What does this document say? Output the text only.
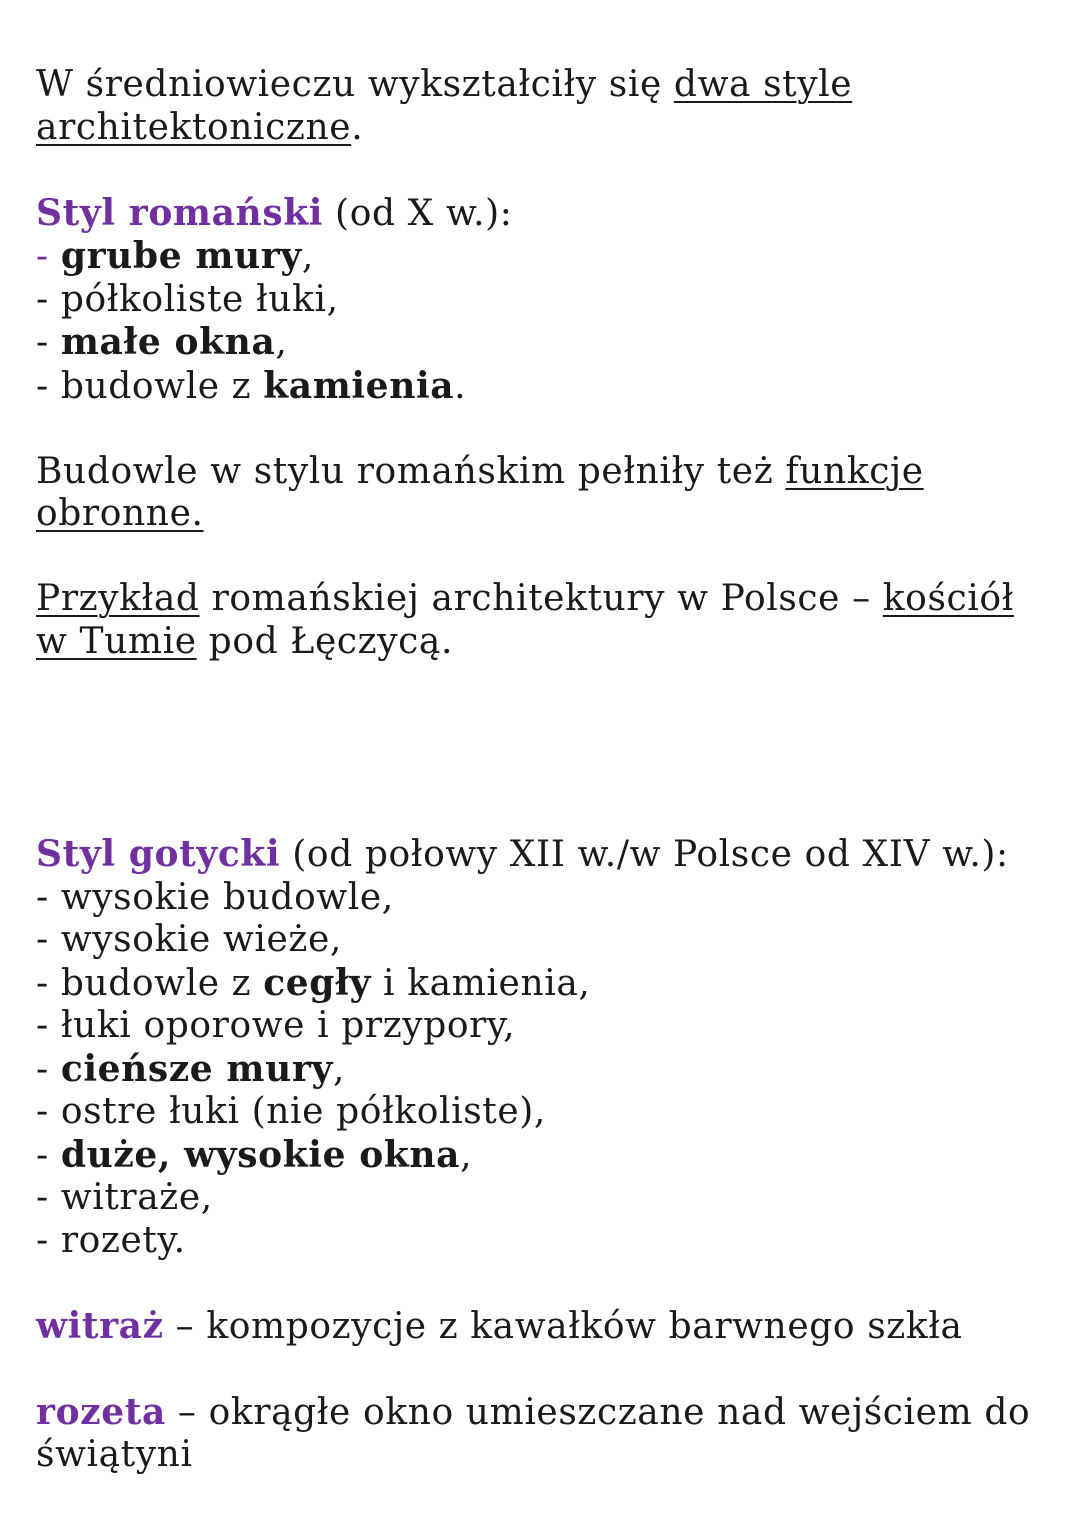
W średniowieczu wykształciły się dwa style architektoniczne.

Styl romański (od X w.):

- grube mury,
- półkoliste łuki,
- małe okna,
- budowle z kamienia.

Budowle w stylu romańskim pełniły też funkcje obronne.

Przykład romańskiej architektury w Polsce – kościół w Tumie pod Łęczycą.

Styl gotycki (od połowy XII w./w Polsce od XIV w.):

- wysokie budowle,
- wysokie wieże,
- budowle z cegły i kamienia,
- łuki oporowe i przypory,
- cieńsze mury,
- ostre łuki (nie półkoliste),
- duże, wysokie okna,
- witraże,
- rozety.

witraż – kompozycje z kawałków barwnego szkła

rozeta – okrągłe okno umieszczane nad wejściem do świątyni
